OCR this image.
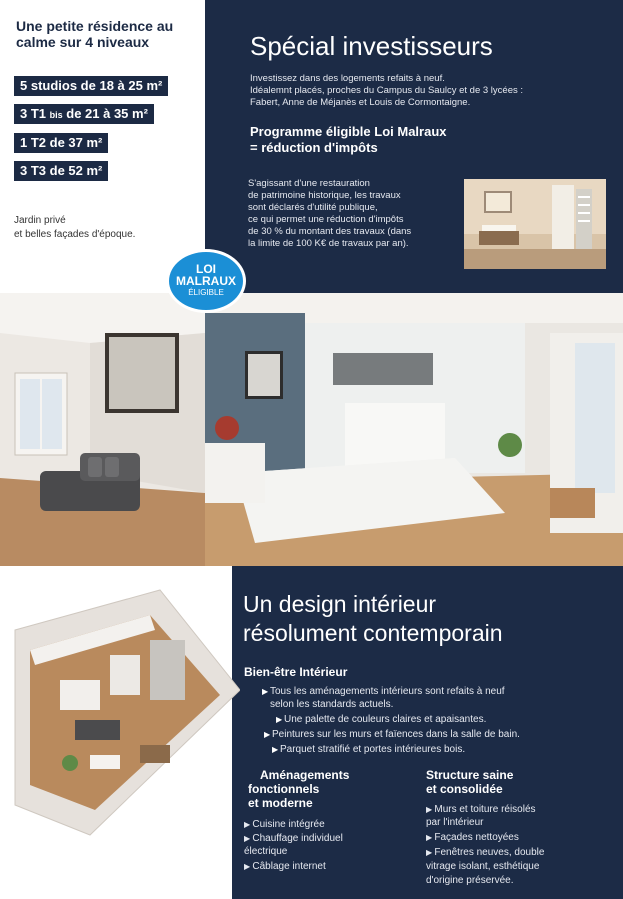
Une petite résidence au calme sur 4 niveaux
5 studios de 18 à 25 m²
3 T1 bis de 21 à 35 m²
1 T2 de 37 m²
3 T3 de 52 m²
Jardin privé
et belles façades d'époque.
Spécial investisseurs
Investissez dans des logements refaits à neuf.
Idéalemnt placés, proches du Campus du Saulcy et de 3 lycées :
Fabert, Anne de Méjanès et Louis de Cormontaigne.
Programme éligible Loi Malraux
= réduction d'impôts
S'agissant d'une restauration
de patrimoine historique, les travaux
sont déclarés d'utilité publique,
ce qui permet une réduction d'impôts
de 30 % du montant des travaux (dans
la limite de 100 K€ de travaux par an).
LOI
MALRAUX
ÉLIGIBLE
Un design intérieur
résolument contemporain
Bien-être Intérieur
▶ Tous les aménagements intérieurs sont refaits à neuf
selon les standards actuels.
▶ Une palette de couleurs claires et apaisantes.
▶ Peintures sur les murs et faïences dans la salle de bain.
▶ Parquet stratifié et portes intérieures bois.
Aménagements
fonctionnels
et moderne
▶ Cuisine intégrée
▶ Chauffage individuel
électrique
▶ Câblage internet
Structure saine
et consolidée
▶ Murs et toiture réisolés
par l'intérieur
▶ Façades nettoyées
▶ Fenêtres neuves, double
vitrage isolant, esthétique
d'origine préservée.
